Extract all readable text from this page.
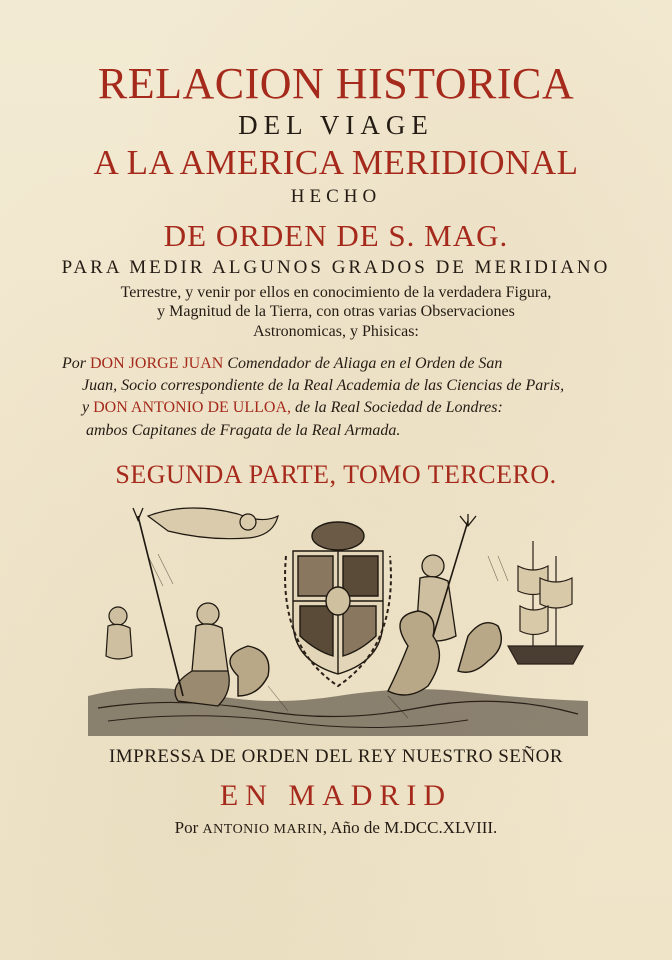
RELACION HISTORICA
DEL VIAGE
A LA AMERICA MERIDIONAL
HECHO
DE ORDEN DE S. MAG.
PARA MEDIR ALGUNOS GRADOS DE MERIDIANO
Terrestre, y venir por ellos en conocimiento de la verdadera Figura,
y Magnitud de la Tierra, con otras varias Observaciones
Astronomicas, y Phisicas:
Por DON JORGE JUAN Comendador de Aliaga en el Orden de San
Juan, Socio correspondiente de la Real Academia de las Ciencias de Paris,
y DON ANTONIO DE ULLOA, de la Real Sociedad de Londres:
ambos Capitanes de Fragata de la Real Armada.
SEGUNDA PARTE, TOMO TERCERO.
IMPRESSA DE ORDEN DEL REY NUESTRO SEÑOR
EN MADRID
Por ANTONIO MARIN, Año de M.DCC.XLVIII.
